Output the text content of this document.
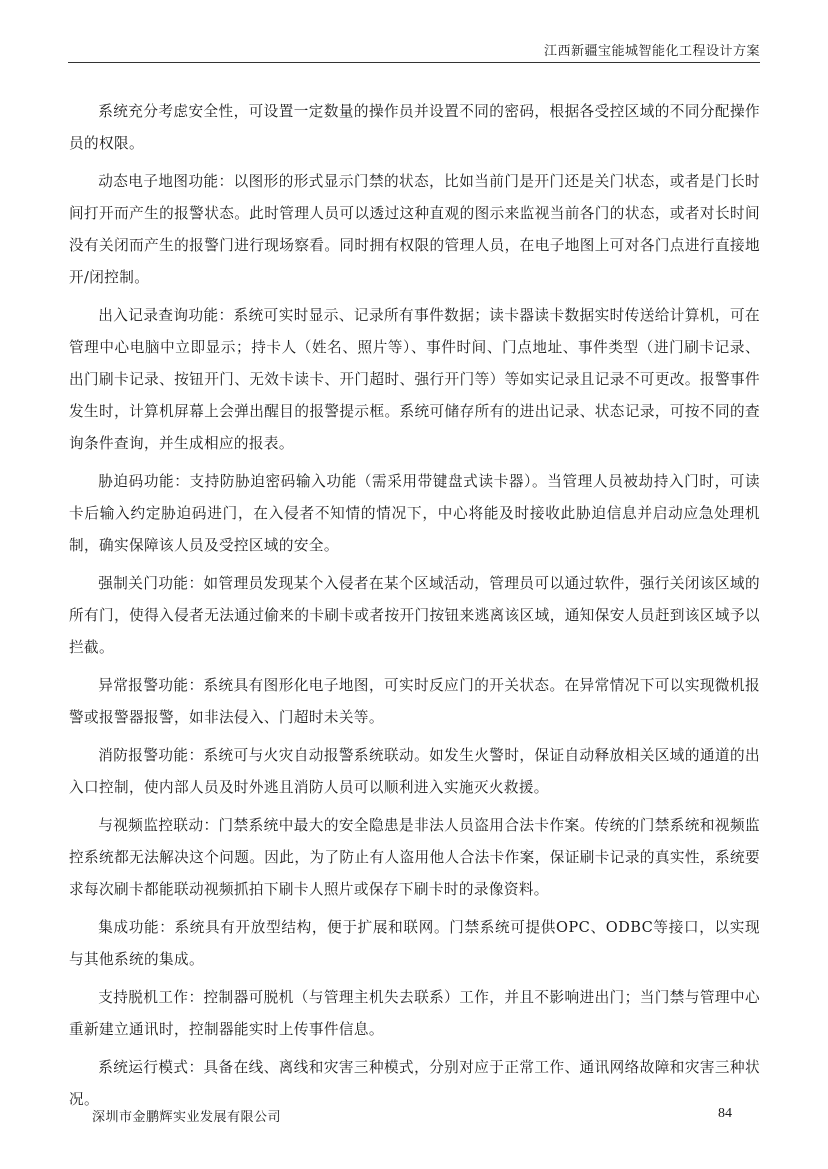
江西新疆宝能城智能化工程设计方案

系统充分考虑安全性，可设置一定数量的操作员并设置不同的密码，根据各受控区域的不同分配操作员的权限。

动态电子地图功能：以图形的形式显示门禁的状态，比如当前门是开门还是关门状态，或者是门长时间打开而产生的报警状态。此时管理人员可以透过这种直观的图示来监视当前各门的状态，或者对长时间没有关闭而产生的报警门进行现场察看。同时拥有权限的管理人员，在电子地图上可对各门点进行直接地开/闭控制。

出入记录查询功能：系统可实时显示、记录所有事件数据；读卡器读卡数据实时传送给计算机，可在管理中心电脑中立即显示；持卡人（姓名、照片等）、事件时间、门点地址、事件类型（进门刷卡记录、出门刷卡记录、按钮开门、无效卡读卡、开门超时、强行开门等）等如实记录且记录不可更改。报警事件发生时，计算机屏幕上会弹出醒目的报警提示框。系统可储存所有的进出记录、状态记录，可按不同的查询条件查询，并生成相应的报表。

胁迫码功能：支持防胁迫密码输入功能（需采用带键盘式读卡器）。当管理人员被劫持入门时，可读卡后输入约定胁迫码进门，在入侵者不知情的情况下，中心将能及时接收此胁迫信息并启动应急处理机制，确实保障该人员及受控区域的安全。

强制关门功能：如管理员发现某个入侵者在某个区域活动，管理员可以通过软件，强行关闭该区域的所有门，使得入侵者无法通过偷来的卡刷卡或者按开门按钮来逃离该区域，通知保安人员赶到该区域予以拦截。

异常报警功能：系统具有图形化电子地图，可实时反应门的开关状态。在异常情况下可以实现微机报警或报警器报警，如非法侵入、门超时未关等。

消防报警功能：系统可与火灾自动报警系统联动。如发生火警时，保证自动释放相关区域的通道的出入口控制，使内部人员及时外逃且消防人员可以顺利进入实施灭火救援。

与视频监控联动：门禁系统中最大的安全隐患是非法人员盗用合法卡作案。传统的门禁系统和视频监控系统都无法解决这个问题。因此，为了防止有人盗用他人合法卡作案，保证刷卡记录的真实性，系统要求每次刷卡都能联动视频抓拍下刷卡人照片或保存下刷卡时的录像资料。

集成功能：系统具有开放型结构，便于扩展和联网。门禁系统可提供OPC、ODBC等接口，以实现与其他系统的集成。

支持脱机工作：控制器可脱机（与管理主机失去联系）工作，并且不影响进出门；当门禁与管理中心重新建立通讯时，控制器能实时上传事件信息。

系统运行模式：具备在线、离线和灾害三种模式，分别对应于正常工作、通讯网络故障和灾害三种状况。

深圳市金鹏辉实业发展有限公司	84
